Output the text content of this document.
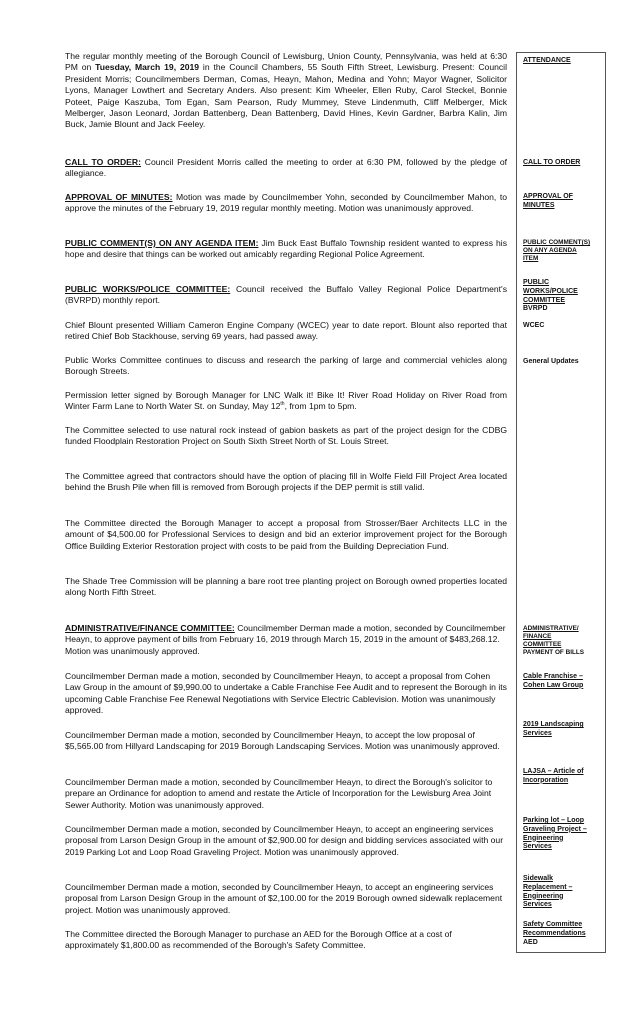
The regular monthly meeting of the Borough Council of Lewisburg, Union County, Pennsylvania, was held at 6:30 PM on Tuesday, March 19, 2019 in the Council Chambers, 55 South Fifth Street, Lewisburg. Present: Council President Morris; Councilmembers Derman, Comas, Heayn, Mahon, Medina and Yohn; Mayor Wagner, Solicitor Lyons, Manager Lowthert and Secretary Anders. Also present: Kim Wheeler, Ellen Ruby, Carol Steckel, Bonnie Poteet, Paige Kaszuba, Tom Egan, Sam Pearson, Rudy Mummey, Steve Lindenmuth, Cliff Melberger, Mick Melberger, Jason Leonard, Jordan Battenberg, Dean Battenberg, David Hines, Kevin Gardner, Barbra Kalin, Jim Buck, Jamie Blount and Jack Feeley.

CALL TO ORDER: Council President Morris called the meeting to order at 6:30 PM, followed by the pledge of allegiance.

APPROVAL OF MINUTES: Motion was made by Councilmember Yohn, seconded by Councilmember Mahon, to approve the minutes of the February 19, 2019 regular monthly meeting. Motion was unanimously approved.

PUBLIC COMMENT(S) ON ANY AGENDA ITEM: Jim Buck East Buffalo Township resident wanted to express his hope and desire that things can be worked out amicably regarding Regional Police Agreement.

PUBLIC WORKS/POLICE COMMITTEE: Council received the Buffalo Valley Regional Police Department's (BVRPD) monthly report.

Chief Blount presented William Cameron Engine Company (WCEC) year to date report. Blount also reported that retired Chief Bob Stackhouse, serving 69 years, had passed away.

Public Works Committee continues to discuss and research the parking of large and commercial vehicles along Borough Streets.

Permission letter signed by Borough Manager for LNC Walk it! Bike It! River Road Holiday on River Road from Winter Farm Lane to North Water St. on Sunday, May 12th, from 1pm to 5pm.

The Committee selected to use natural rock instead of gabion baskets as part of the project design for the CDBG funded Floodplain Restoration Project on South Sixth Street North of St. Louis Street.

The Committee agreed that contractors should have the option of placing fill in Wolfe Field Fill Project Area located behind the Brush Pile when fill is removed from Borough projects if the DEP permit is still valid.

The Committee directed the Borough Manager to accept a proposal from Strosser/Baer Architects LLC in the amount of $4,500.00 for Professional Services to design and bid an exterior improvement project for the Borough Office Building Exterior Restoration project with costs to be paid from the Building Depreciation Fund.

The Shade Tree Commission will be planning a bare root tree planting project on Borough owned properties located along North Fifth Street.

ADMINISTRATIVE/FINANCE COMMITTEE: Councilmember Derman made a motion, seconded by Councilmember Heayn, to approve payment of bills from February 16, 2019 through March 15, 2019 in the amount of $483,268.12. Motion was unanimously approved.

Councilmember Derman made a motion, seconded by Councilmember Heayn, to accept a proposal from Cohen Law Group in the amount of $9,990.00 to undertake a Cable Franchise Fee Audit and to represent the Borough in its upcoming Cable Franchise Fee Renewal Negotiations with Service Electric Cablevision. Motion was unanimously approved.

Councilmember Derman made a motion, seconded by Councilmember Heayn, to accept the low proposal of $5,565.00 from Hillyard Landscaping for 2019 Borough Landscaping Services. Motion was unanimously approved.

Councilmember Derman made a motion, seconded by Councilmember Heayn, to direct the Borough's solicitor to prepare an Ordinance for adoption to amend and restate the Article of Incorporation for the Lewisburg Area Joint Sewer Authority. Motion was unanimously approved.

Councilmember Derman made a motion, seconded by Councilmember Heayn, to accept an engineering services proposal from Larson Design Group in the amount of $2,900.00 for design and bidding services associated with our 2019 Parking Lot and Loop Road Graveling Project. Motion was unanimously approved.

Councilmember Derman made a motion, seconded by Councilmember Heayn, to accept an engineering services proposal from Larson Design Group in the amount of $2,100.00 for the 2019 Borough owned sidewalk replacement project. Motion was unanimously approved.

The Committee directed the Borough Manager to purchase an AED for the Borough Office at a cost of approximately $1,800.00 as recommended of the Borough's Safety Committee.

ATTENDANCE

CALL TO ORDER

APPROVAL OF
MINUTES

PUBLIC COMMENT(S)
ON ANY AGENDA
ITEM

PUBLIC
WORKS/POLICE
COMMITTEE
BVRPD

WCEC

General Updates

ADMINISTRATIVE/
FINANCE
COMMITTEE
PAYMENT OF BILLS

Cable Franchise –
Cohen Law Group

2019 Landscaping
Services

LAJSA – Article of
Incorporation

Parking lot – Loop
Graveling Project –
Engineering
Services

Sidewalk
Replacement –
Engineering
Services

Safety Committee
Recommendations
AED
